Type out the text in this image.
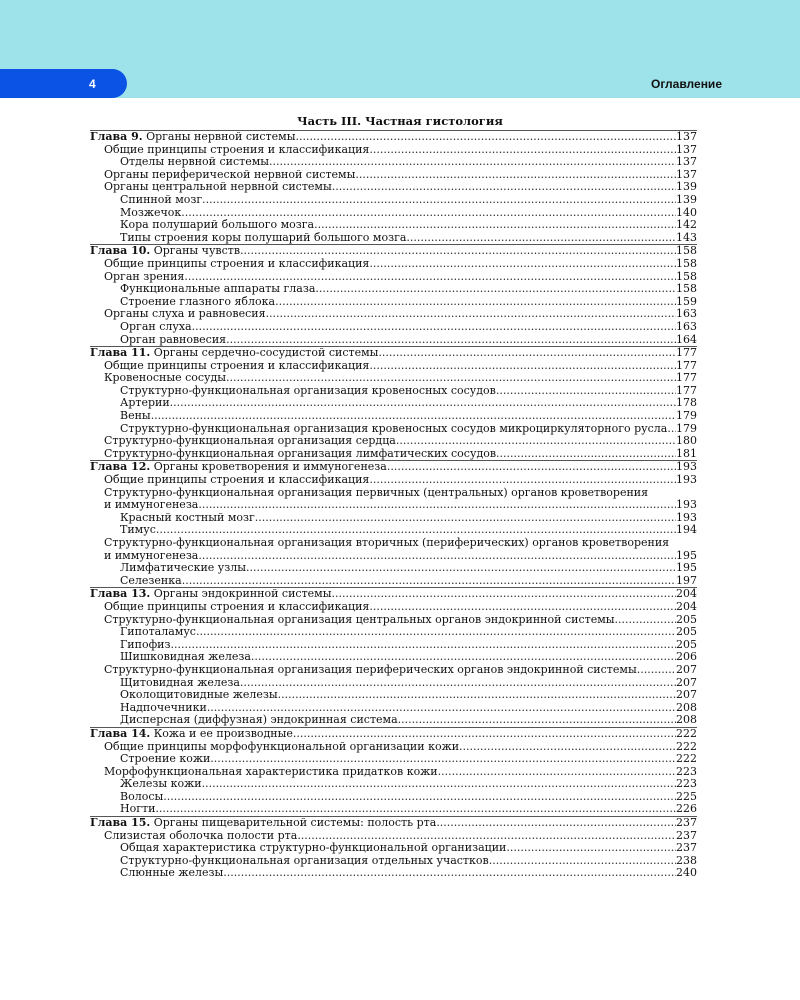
4	Оглавление
Часть III. Частная гистология
Глава 9. Органы нервной системы .....	137
Общие принципы строения и классификация .....	137
Отделы нервной системы .....	137
Органы периферической нервной системы .....	137
Органы центральной нервной системы .....	139
Спинной мозг .....	139
Мозжечок .....	140
Кора полушарий большого мозга .....	142
Типы строения коры полушарий большого мозга .....	143
Глава 10. Органы чувств .....	158
Общие принципы строения и классификация .....	158
Орган зрения .....	158
Функциональные аппараты глаза .....	158
Строение глазного яблока .....	159
Органы слуха и равновесия .....	163
Орган слуха .....	163
Орган равновесия .....	164
Глава 11. Органы сердечно-сосудистой системы .....	177
Общие принципы строения и классификация .....	177
Кровеносные сосуды .....	177
Структурно-функциональная организация кровеносных сосудов .....	177
Артерии .....	178
Вены .....	179
Структурно-функциональная организация кровеносных сосудов микроциркуляторного русла ..... 179
Структурно-функциональная организация сердца .....	180
Структурно-функциональная организация лимфатических сосудов .....	181
Глава 12. Органы кроветворения и иммуногенеза .....	193
Общие принципы строения и классификация .....	193
Структурно-функциональная организация первичных (центральных) органов кроветворения
и иммуногенеза .....	193
Красный костный мозг .....	193
Тимус .....	194
Структурно-функциональная организация вторичных (периферических) органов кроветворения
и иммуногенеза .....	195
Лимфатические узлы .....	195
Селезенка .....	197
Глава 13. Органы эндокринной системы .....	204
Общие принципы строения и классификация .....	204
Структурно-функциональная организация центральных органов эндокринной системы .....	205
Гипоталамус .....	205
Гипофиз .....	205
Шишковидная железа .....	206
Структурно-функциональная организация периферических органов эндокринной системы .....	207
Щитовидная железа .....	207
Околощитовидные железы .....	207
Надпочечники .....	208
Дисперсная (диффузная) эндокринная система .....	208
Глава 14. Кожа и ее производные .....	222
Общие принципы морфофункциональной организации кожи .....	222
Строение кожи .....	222
Морфофункциональная характеристика придатков кожи .....	223
Железы кожи .....	223
Волосы .....	225
Ногти .....	226
Глава 15. Органы пищеварительной системы: полость рта .....	237
Слизистая оболочка полости рта .....	237
Общая характеристика структурно-функциональной организации .....	237
Структурно-функциональная организация отдельных участков .....	238
Слюнные железы .....	240
